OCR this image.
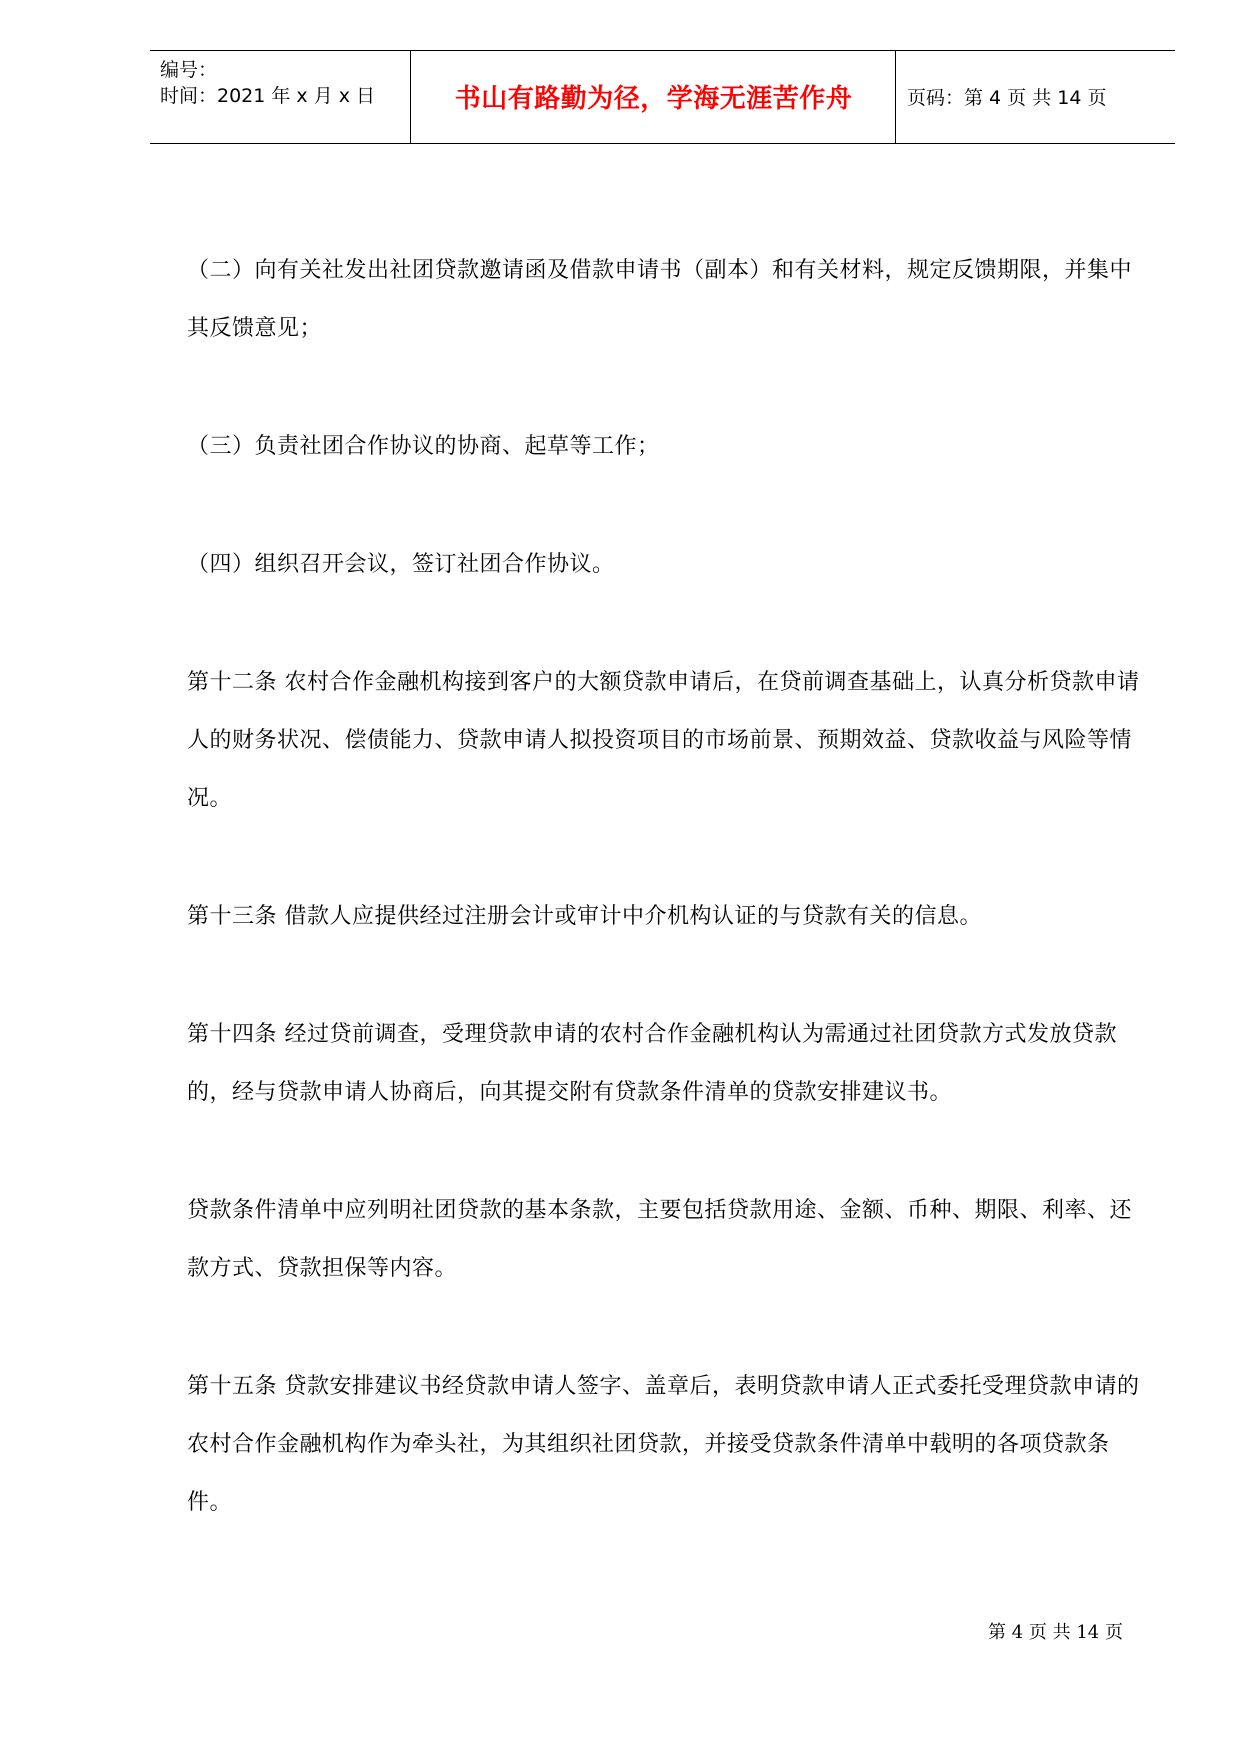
编号：
时间：2021 年 x 月 x 日	书山有路勤为径，学海无涯苦作舟	页码：第 4 页 共 14 页

（二）向有关社发出社团贷款邀请函及借款申请书（副本）和有关材料，规定反馈期限，并集中其反馈意见；

（三）负责社团合作协议的协商、起草等工作；

（四）组织召开会议，签订社团合作协议。

第十二条 农村合作金融机构接到客户的大额贷款申请后，在贷前调查基础上，认真分析贷款申请人的财务状况、偿债能力、贷款申请人拟投资项目的市场前景、预期效益、贷款收益与风险等情况。

第十三条 借款人应提供经过注册会计或审计中介机构认证的与贷款有关的信息。

第十四条 经过贷前调查，受理贷款申请的农村合作金融机构认为需通过社团贷款方式发放贷款的，经与贷款申请人协商后，向其提交附有贷款条件清单的贷款安排建议书。

贷款条件清单中应列明社团贷款的基本条款，主要包括贷款用途、金额、币种、期限、利率、还款方式、贷款担保等内容。

第十五条 贷款安排建议书经贷款申请人签字、盖章后，表明贷款申请人正式委托受理贷款申请的农村合作金融机构作为牵头社，为其组织社团贷款，并接受贷款条件清单中载明的各项贷款条件。

第 4 页 共 14 页
